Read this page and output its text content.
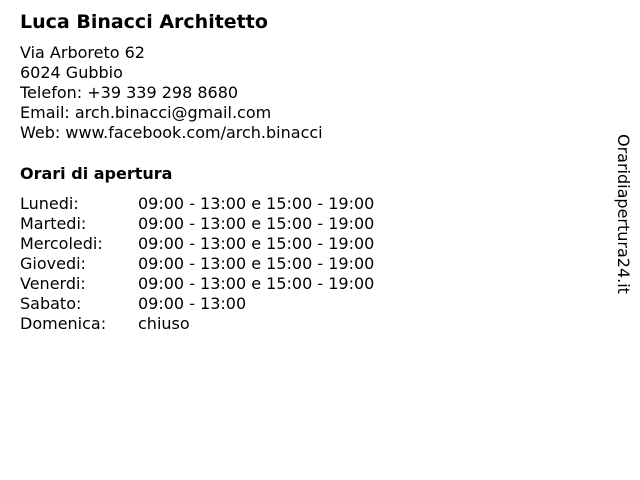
Luca Binacci Architetto
Via Arboreto 62
6024 Gubbio
Telefon: +39 339 298 8680
Email: arch.binacci@gmail.com
Web: www.facebook.com/arch.binacci
Orari di apertura
Lunedi:	09:00 - 13:00 e 15:00 - 19:00
Martedi:	09:00 - 13:00 e 15:00 - 19:00
Mercoledi:	09:00 - 13:00 e 15:00 - 19:00
Giovedi:	09:00 - 13:00 e 15:00 - 19:00
Venerdi:	09:00 - 13:00 e 15:00 - 19:00
Sabato:	09:00 - 13:00
Domenica:	chiuso
Oraridiapertura24.it
